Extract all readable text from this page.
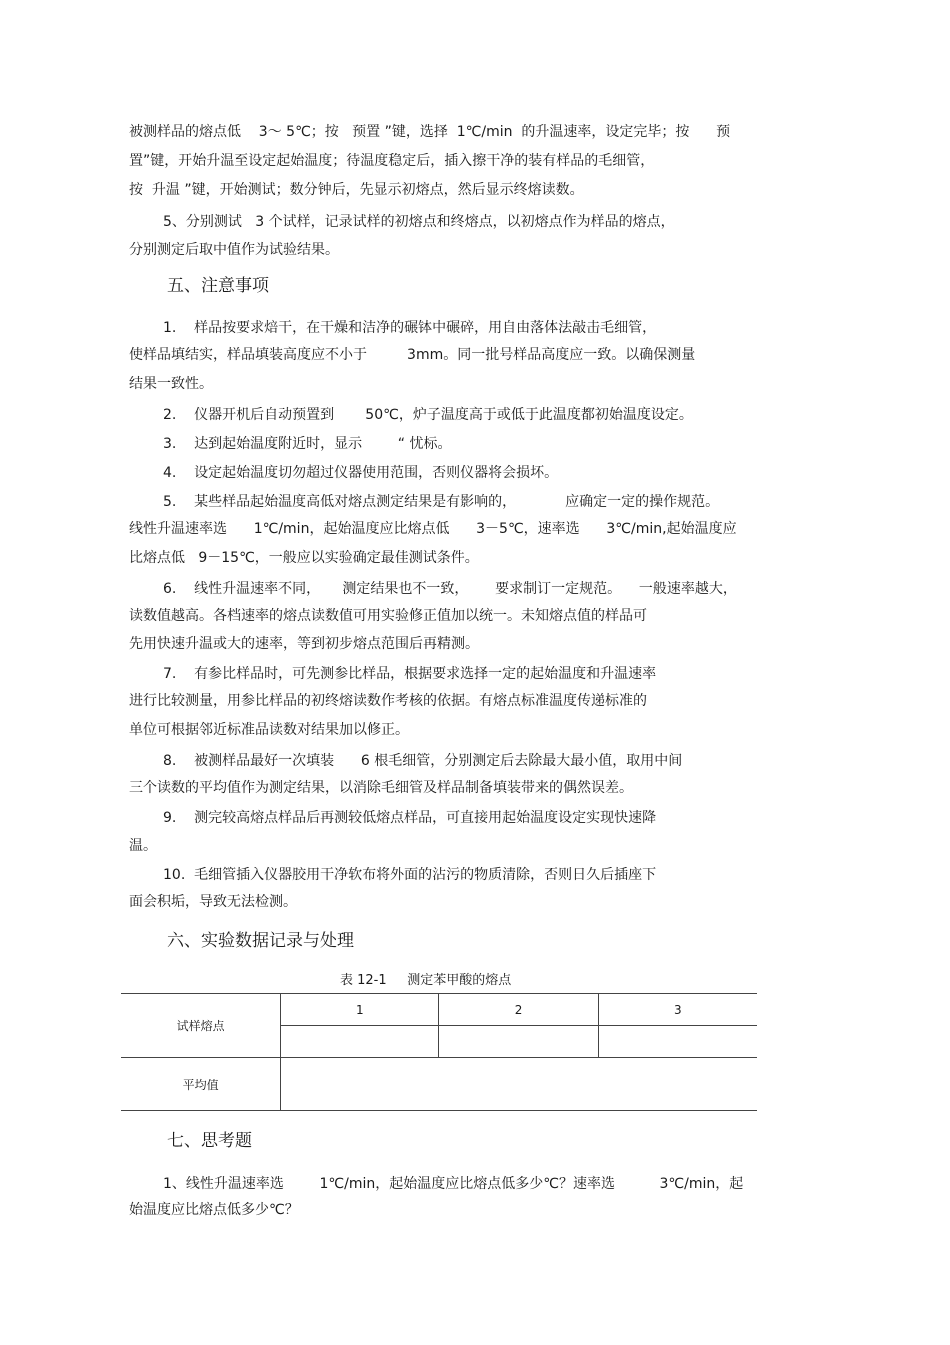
被测样品的熔点低    3～ 5℃；按   预置 ”键，选择  1℃/min  的升温速率，设定完毕；按      预
置”键，开始升温至设定起始温度；待温度稳定后，插入擦干净的装有样品的毛细管，
按  升温 ”键，开始测试；数分钟后，先显示初熔点，然后显示终熔读数。
5、分别测试   3 个试样，记录试样的初熔点和终熔点，以初熔点作为样品的熔点，
分别测定后取中值作为试验结果。
五、注意事项
1.    样品按要求焙干，在干燥和洁净的碾钵中碾碎，用自由落体法敲击毛细管，
使样品填结实，样品填装高度应不小于         3mm。同一批号样品高度应一致。以确保测量
结果一致性。
2.    仪器开机后自动预置到       50℃，炉子温度高于或低于此温度都初始温度设定。
3.    达到起始温度附近时，显示        “ 忧标。
4.    设定起始温度切勿超过仪器使用范围，否则仪器将会损坏。
5.    某些样品起始温度高低对熔点测定结果是有影响的，           应确定一定的操作规范。
线性升温速率选      1℃/min，起始温度应比熔点低      3－5℃，速率选      3℃/min,起始温度应
比熔点低   9－15℃，一般应以实验确定最佳测试条件。
6.    线性升温速率不同，     测定结果也不一致，      要求制订一定规范。    一般速率越大，
读数值越高。各档速率的熔点读数值可用实验修正值加以统一。未知熔点值的样品可
先用快速升温或大的速率，等到初步熔点范围后再精测。
7.    有参比样品时，可先测参比样品，根据要求选择一定的起始温度和升温速率
进行比较测量，用参比样品的初终熔读数作考核的依据。有熔点标准温度传递标准的
单位可根据邻近标准品读数对结果加以修正。
8.    被测样品最好一次填装      6 根毛细管，分别测定后去除最大最小值，取用中间
三个读数的平均值作为测定结果，以消除毛细管及样品制备填装带来的偶然误差。
9.    测完较高熔点样品后再测较低熔点样品，可直接用起始温度设定实现快速降
温。
10.  毛细管插入仪器胶用干净软布将外面的沾污的物质清除，否则日久后插座下
面会积垢，导致无法检测。
六、实验数据记录与处理
表 12-1     测定苯甲酸的熔点
试样熔点	1	2	3

平均值			
七、思考题
1、线性升温速率选        1℃/min，起始温度应比熔点低多少℃？速率选          3℃/min，起
始温度应比熔点低多少℃？
